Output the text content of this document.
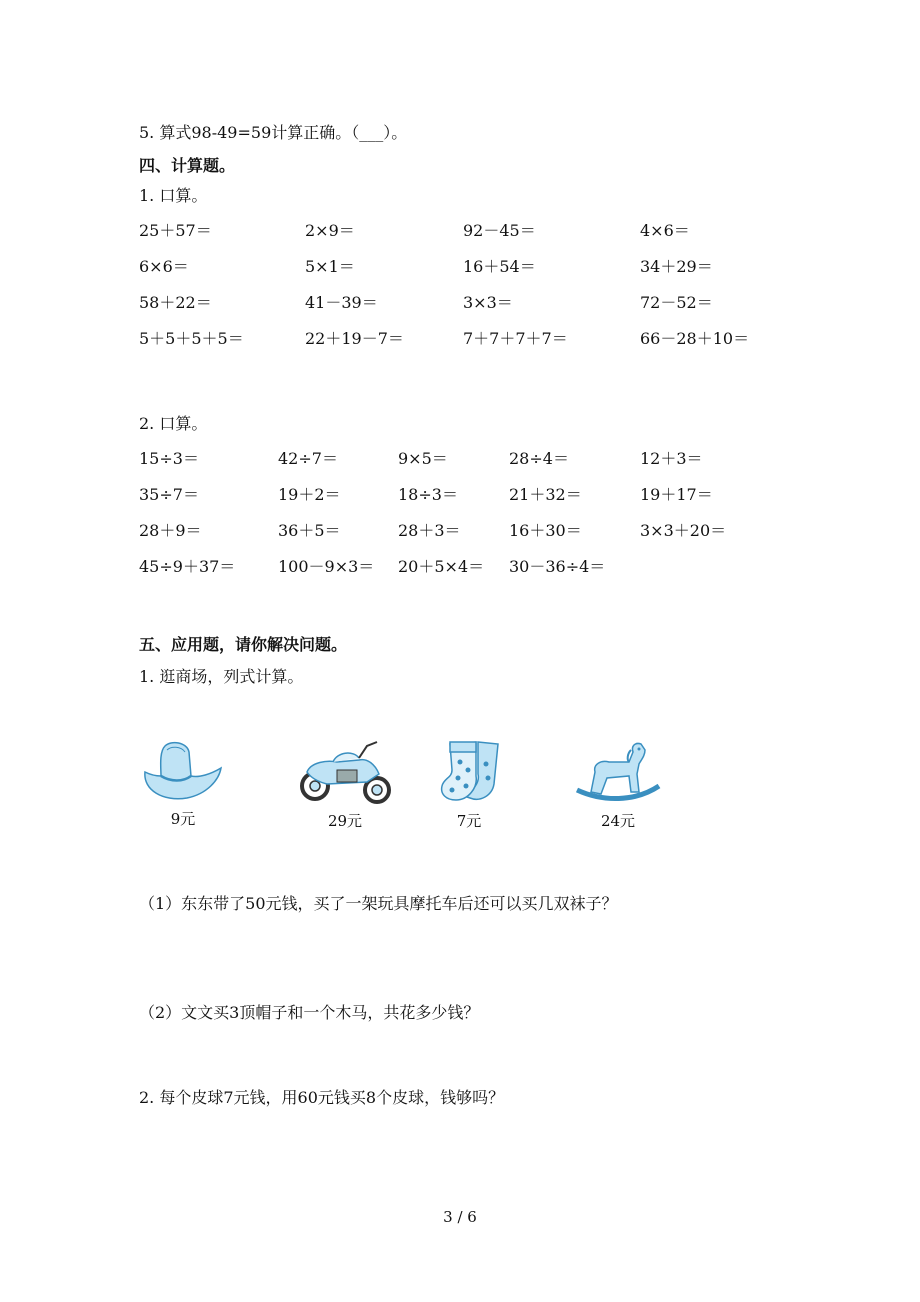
5. 算式98-49=59计算正确。（___）。
四、计算题。
1. 口算。
25＋57＝	2×9＝	92－45＝	4×6＝
6×6＝	5×1＝	16＋54＝	34＋29＝
58＋22＝	41－39＝	3×3＝	72－52＝
5＋5＋5＋5＝	22＋19－7＝	7＋7＋7＋7＝	66－28＋10＝
2. 口算。
15÷3＝	42÷7＝	9×5＝	28÷4＝	12＋3＝
35÷7＝	19＋2＝	18÷3＝	21＋32＝	19＋17＝
28＋9＝	36＋5＝	28＋3＝	16＋30＝	3×3＋20＝
45÷9＋37＝	100－9×3＝ 20＋5×4＝ 30－36÷4＝
五、应用题，请你解决问题。
1. 逛商场，列式计算。
9元	29元	7元	24元
（1）东东带了50元钱，买了一架玩具摩托车后还可以买几双袜子？
（2）文文买3顶帽子和一个木马，共花多少钱？
2. 每个皮球7元钱，用60元钱买8个皮球，钱够吗？
3 / 6
